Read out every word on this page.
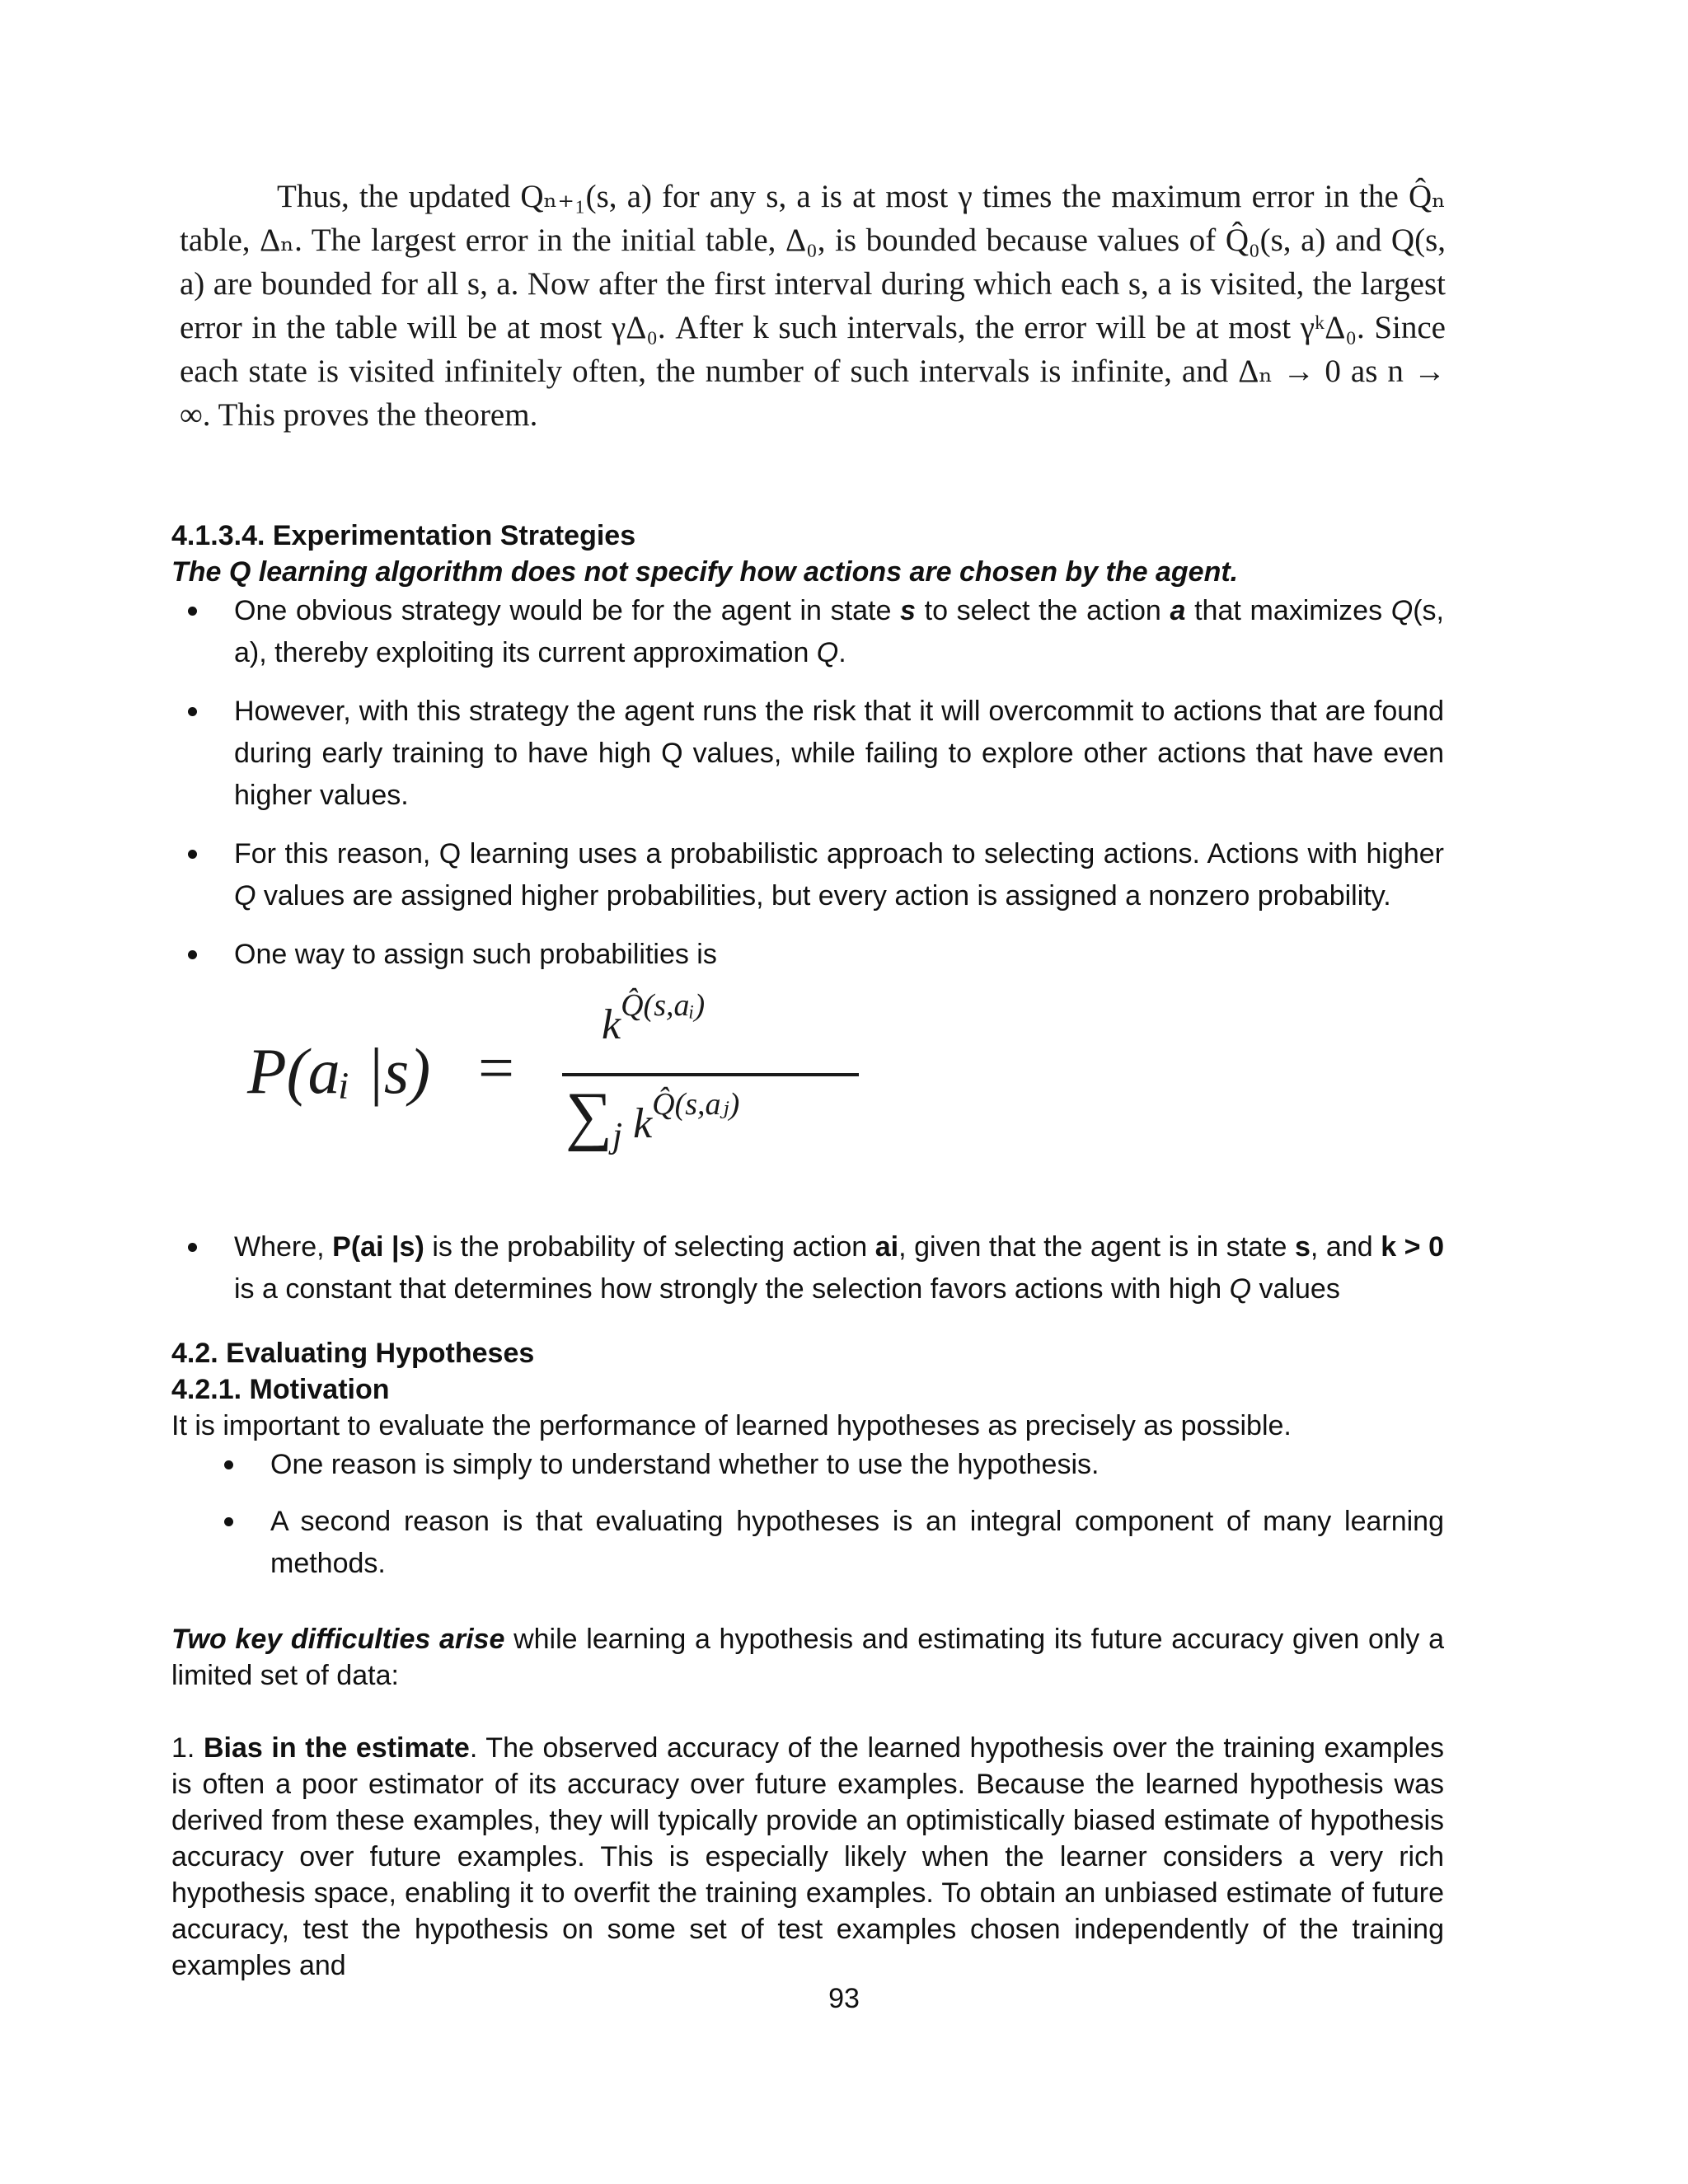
Thus, the updated Qₙ₊₁(s, a) for any s, a is at most γ times the maximum error in the Q̂ₙ table, Δₙ. The largest error in the initial table, Δ₀, is bounded because values of Q̂₀(s, a) and Q(s, a) are bounded for all s, a. Now after the first interval during which each s, a is visited, the largest error in the table will be at most γΔ₀. After k such intervals, the error will be at most γᵏΔ₀. Since each state is visited infinitely often, the number of such intervals is infinite, and Δₙ → 0 as n → ∞. This proves the theorem.

4.1.3.4. Experimentation Strategies

The Q learning algorithm does not specify how actions are chosen by the agent.

One obvious strategy would be for the agent in state s to select the action a that maximizes Q(s, a), thereby exploiting its current approximation Q.

However, with this strategy the agent runs the risk that it will overcommit to actions that are found during early training to have high Q values, while failing to explore other actions that have even higher values.

For this reason, Q learning uses a probabilistic approach to selecting actions. Actions with higher Q values are assigned higher probabilities, but every action is assigned a nonzero probability.

One way to assign such probabilities is

P(aᵢ |s) =
$k^{Q̂(s,aᵢ)}$
$\sum_j$ $k^{Q̂(s,aⱼ)}$

Where, P(ai |s) is the probability of selecting action ai, given that the agent is in state s, and k > 0 is a constant that determines how strongly the selection favors actions with high Q values

4.2. Evaluating Hypotheses

4.2.1. Motivation

It is important to evaluate the performance of learned hypotheses as precisely as possible.

One reason is simply to understand whether to use the hypothesis.

A second reason is that evaluating hypotheses is an integral component of many learning methods.

Two key difficulties arise while learning a hypothesis and estimating its future accuracy given only a limited set of data:

1. Bias in the estimate. The observed accuracy of the learned hypothesis over the training examples is often a poor estimator of its accuracy over future examples. Because the learned hypothesis was derived from these examples, they will typically provide an optimistically biased estimate of hypothesis accuracy over future examples. This is especially likely when the learner considers a very rich hypothesis space, enabling it to overfit the training examples. To obtain an unbiased estimate of future accuracy, test the hypothesis on some set of test examples chosen independently of the training examples and

93
